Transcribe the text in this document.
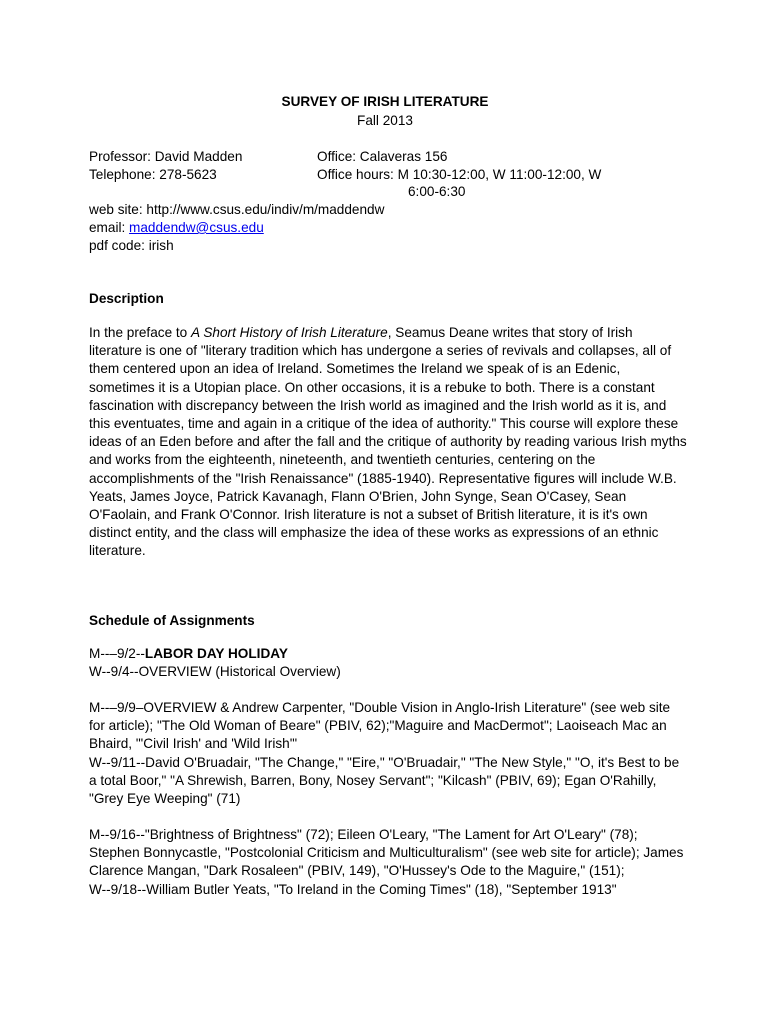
SURVEY OF IRISH LITERATURE
Fall 2013
Professor: David Madden
Telephone: 278-5623
Office: Calaveras 156
Office hours: M 10:30-12:00, W 11:00-12:00, W
6:00-6:30
web site: http://www.csus.edu/indiv/m/maddendw
email: maddendw@csus.edu
pdf code: irish
Description

In the preface to A Short History of Irish Literature, Seamus Deane writes that story of Irish literature is one of "literary tradition which has undergone a series of revivals and collapses, all of them centered upon an idea of Ireland. Sometimes the Ireland we speak of is an Edenic, sometimes it is a Utopian place. On other occasions, it is a rebuke to both. There is a constant fascination with discrepancy between the Irish world as imagined and the Irish world as it is, and this eventuates, time and again in a critique of the idea of authority." This course will explore these ideas of an Eden before and after the fall and the critique of authority by reading various Irish myths and works from the eighteenth, nineteenth, and twentieth centuries, centering on the accomplishments of the "Irish Renaissance" (1885-1940). Representative figures will include W.B. Yeats, James Joyce, Patrick Kavanagh, Flann O'Brien, John Synge, Sean O'Casey, Sean O'Faolain, and Frank O'Connor. Irish literature is not a subset of British literature, it is it's own distinct entity, and the class will emphasize the idea of these works as expressions of an ethnic literature.

Schedule of Assignments
M--–9/2--LABOR DAY HOLIDAY
W--9/4--OVERVIEW (Historical Overview)
M--–9/9–OVERVIEW & Andrew Carpenter, "Double Vision in Anglo-Irish Literature" (see web site for article); "The Old Woman of Beare" (PBIV, 62);"Maguire and MacDermot"; Laoiseach Mac an Bhaird, "'Civil Irish' and 'Wild Irish'"
W--9/11--David O'Bruadair, "The Change," "Eire," "O'Bruadair," "The New Style," "O, it's Best to be a total Boor," "A Shrewish, Barren, Bony, Nosey Servant"; "Kilcash" (PBIV, 69); Egan O'Rahilly, "Grey Eye Weeping" (71)
M--9/16--"Brightness of Brightness" (72); Eileen O'Leary, "The Lament for Art O'Leary" (78); Stephen Bonnycastle, "Postcolonial Criticism and Multiculturalism" (see web site for article); James Clarence Mangan, "Dark Rosaleen" (PBIV, 149), "O'Hussey's Ode to the Maguire," (151);
W--9/18--William Butler Yeats, "To Ireland in the Coming Times" (18), "September 1913"
